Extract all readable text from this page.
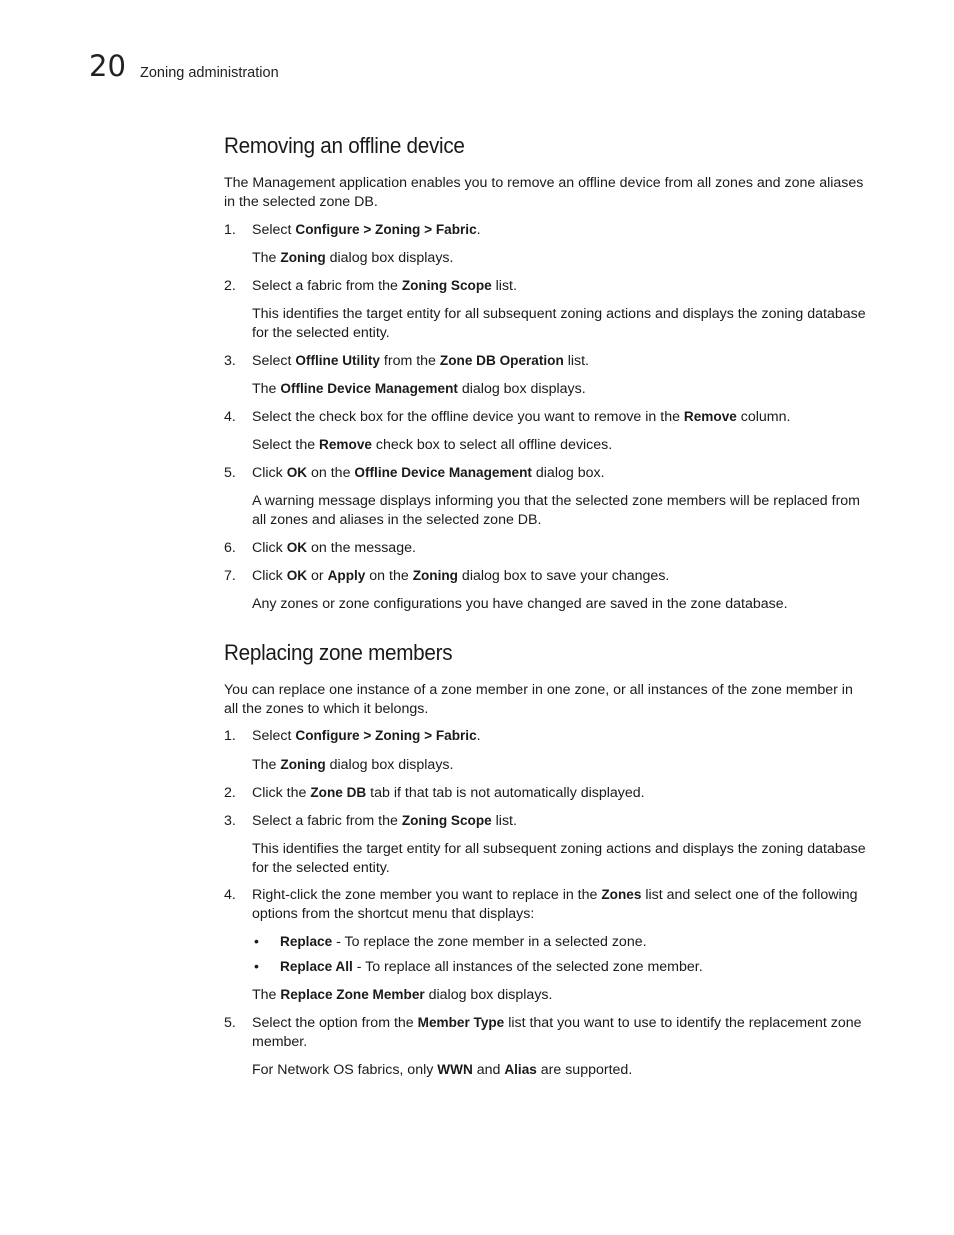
20 Zoning administration
Removing an offline device

The Management application enables you to remove an offline device from all zones and zone aliases in the selected zone DB.

1. Select Configure > Zoning > Fabric.

The Zoning dialog box displays.

2. Select a fabric from the Zoning Scope list.

This identifies the target entity for all subsequent zoning actions and displays the zoning database for the selected entity.

3. Select Offline Utility from the Zone DB Operation list.

The Offline Device Management dialog box displays.

4. Select the check box for the offline device you want to remove in the Remove column.

Select the Remove check box to select all offline devices.

5. Click OK on the Offline Device Management dialog box.

A warning message displays informing you that the selected zone members will be replaced from all zones and aliases in the selected zone DB.

6. Click OK on the message.

7. Click OK or Apply on the Zoning dialog box to save your changes.

Any zones or zone configurations you have changed are saved in the zone database.

Replacing zone members

You can replace one instance of a zone member in one zone, or all instances of the zone member in all the zones to which it belongs.

1. Select Configure > Zoning > Fabric.

The Zoning dialog box displays.

2. Click the Zone DB tab if that tab is not automatically displayed.

3. Select a fabric from the Zoning Scope list.

This identifies the target entity for all subsequent zoning actions and displays the zoning database for the selected entity.

4. Right-click the zone member you want to replace in the Zones list and select one of the following options from the shortcut menu that displays:

• Replace - To replace the zone member in a selected zone.

• Replace All - To replace all instances of the selected zone member.

The Replace Zone Member dialog box displays.

5. Select the option from the Member Type list that you want to use to identify the replacement zone member.

For Network OS fabrics, only WWN and Alias are supported.
